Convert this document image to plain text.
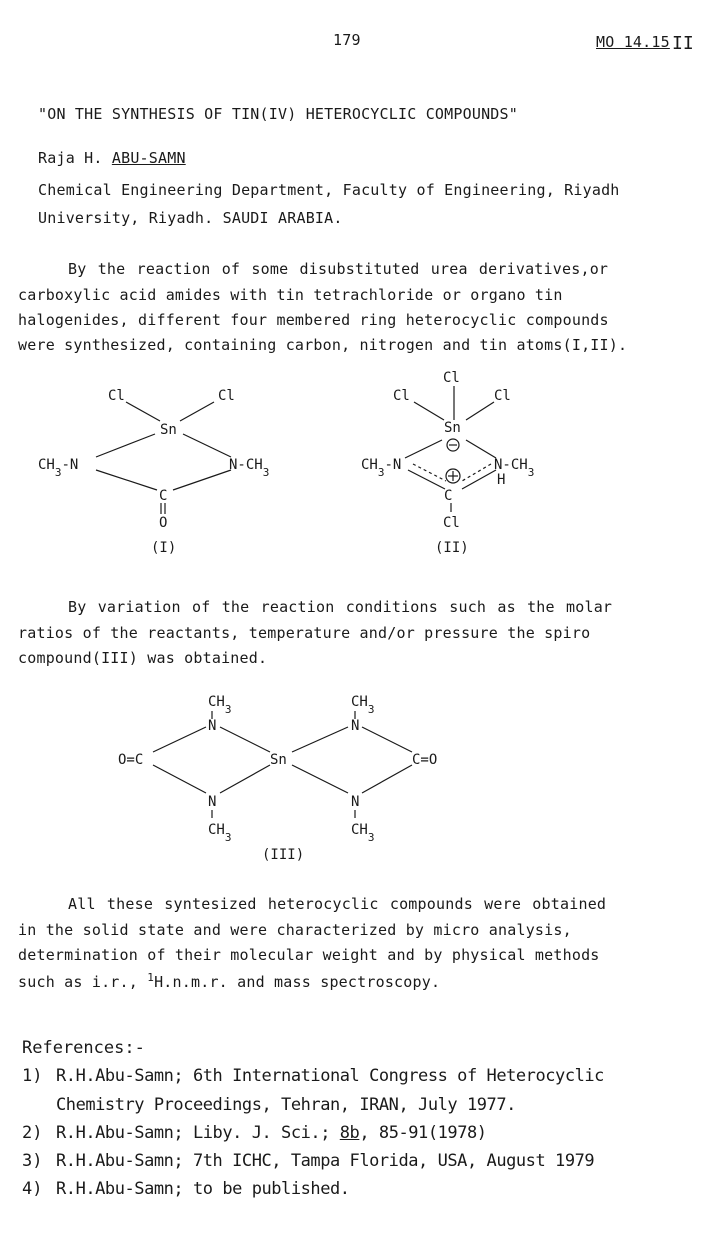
179	MO 14.15 II
"ON THE SYNTHESIS OF TIN(IV) HETEROCYCLIC COMPOUNDS"
Raja H. ABU-SAMN
Chemical Engineering Department, Faculty of Engineering, Riyadh
University, Riyadh. SAUDI ARABIA.
By the reaction of some disubstituted urea derivatives,or
carboxylic acid amides with tin tetrachloride or organo tin
halogenides, different four membered ring heterocyclic compounds
were synthesized, containing carbon, nitrogen and tin atoms(I,II).
Cl	Cl
Sn
$CH_3-N$	$N-CH_3$
C
O
(I)
Cl
Cl	Cl
Sn
$CH_3-N$	$N-CH_3$
H
C
Cl
(II)
By variation of the reaction conditions such as the molar
ratios of the reactants, temperature and/or pressure the spiro
compound(III) was obtained.
$CH_3$
N
$CH_3$
N
O=C	Sn	C=O
N
$CH_3$
N
$CH_3$
(III)
All these syntesized heterocyclic compounds were obtained
in the solid state and were characterized by micro analysis,
determination of their molecular weight and by physical methods
such as i.r., $^1$H.n.m.r. and mass spectroscopy.
References:-
1) R.H.Abu-Samn; 6th International Congress of Heterocyclic
Chemistry Proceedings, Tehran, IRAN, July 1977.
2) R.H.Abu-Samn; Liby. J. Sci.; 8b, 85-91(1978)
3) R.H.Abu-Samn; 7th ICHC, Tampa Florida, USA, August 1979
4) R.H.Abu-Samn; to be published.
